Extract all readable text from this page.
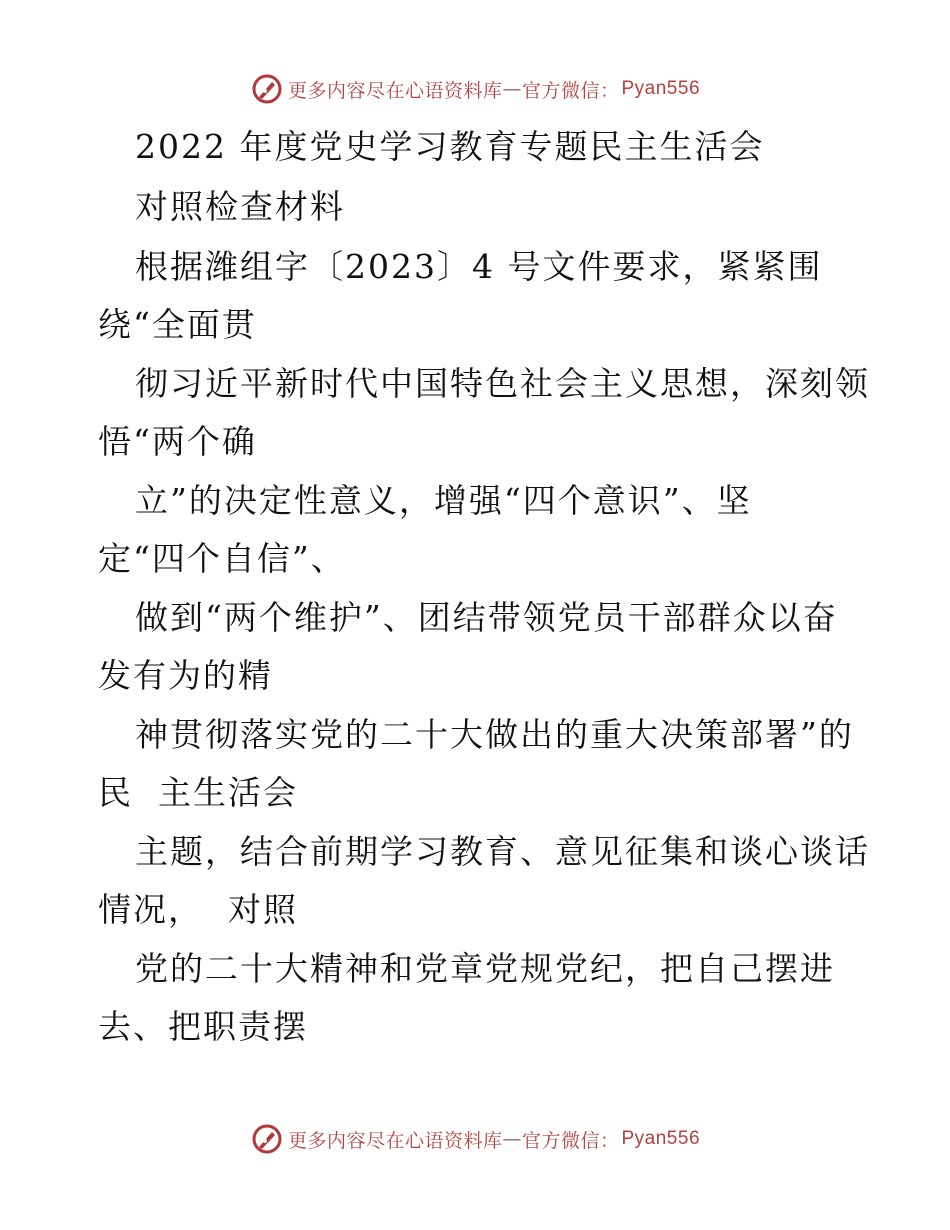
更多内容尽在心语资料库 — 官方微信： Pyan556
2022 年度党史学习教育专题民主生活会
对照检查材料
根据潍组字〔2023〕4 号文件要求，紧紧围
绕“全面贯
彻习近平新时代中国特色社会主义思想，深刻领
悟“两个确
立”的决定性意义，增强“四个意识”、坚
定“四个自信”、
做到“两个维护”、团结带领党员干部群众以奋
发有为的精
神贯彻落实党的二十大做出的重大决策部署”的
民  主生活会
主题，结合前期学习教育、意见征集和谈心谈话
情况，  对照
党的二十大精神和党章党规党纪，把自己摆进
去、把职责摆
更多内容尽在心语资料库 — 官方微信： Pyan556
